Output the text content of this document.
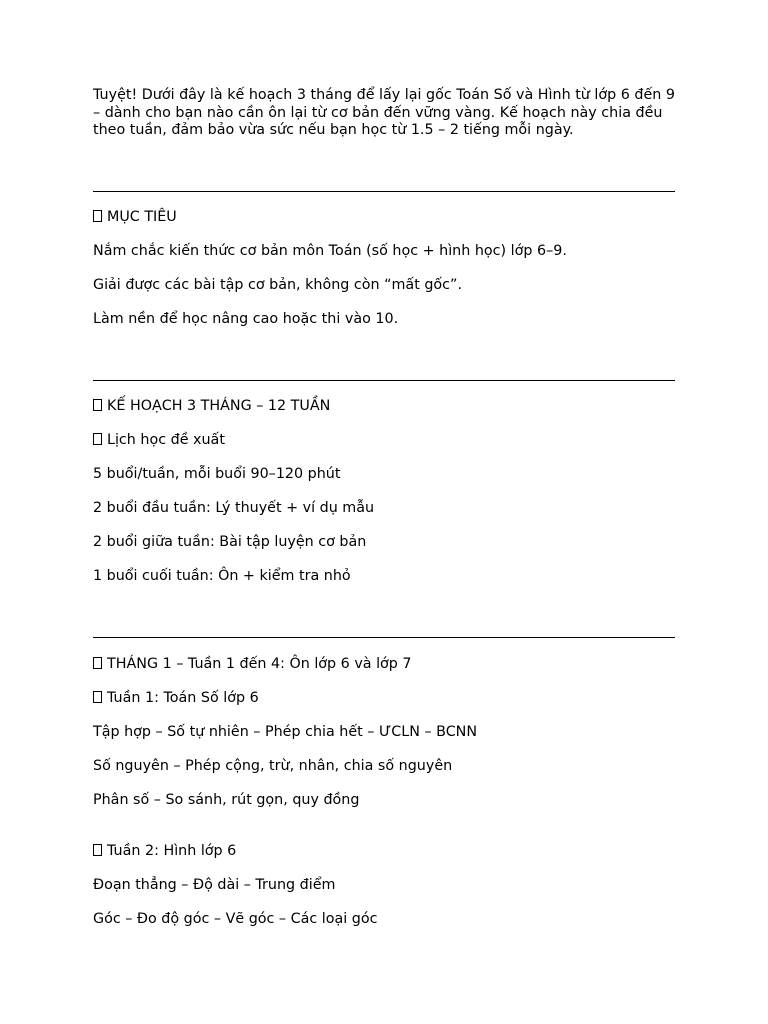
Tuyệt! Dưới đây là kế hoạch 3 tháng để lấy lại gốc Toán Số và Hình từ lớp 6 đến 9 – dành cho bạn nào cần ôn lại từ cơ bản đến vững vàng. Kế hoạch này chia đều theo tuần, đảm bảo vừa sức nếu bạn học từ 1.5 – 2 tiếng mỗi ngày.

MỤC TIÊU

Nắm chắc kiến thức cơ bản môn Toán (số học + hình học) lớp 6–9.

Giải được các bài tập cơ bản, không còn “mất gốc”.

Làm nền để học nâng cao hoặc thi vào 10.

KẾ HOẠCH 3 THÁNG – 12 TUẦN

Lịch học đề xuất

5 buổi/tuần, mỗi buổi 90–120 phút

2 buổi đầu tuần: Lý thuyết + ví dụ mẫu

2 buổi giữa tuần: Bài tập luyện cơ bản

1 buổi cuối tuần: Ôn + kiểm tra nhỏ

THÁNG 1 – Tuần 1 đến 4: Ôn lớp 6 và lớp 7

Tuần 1: Toán Số lớp 6

Tập hợp – Số tự nhiên – Phép chia hết – ƯCLN – BCNN

Số nguyên – Phép cộng, trừ, nhân, chia số nguyên

Phân số – So sánh, rút gọn, quy đồng

Tuần 2: Hình lớp 6

Đoạn thẳng – Độ dài – Trung điểm

Góc – Đo độ góc – Vẽ góc – Các loại góc
